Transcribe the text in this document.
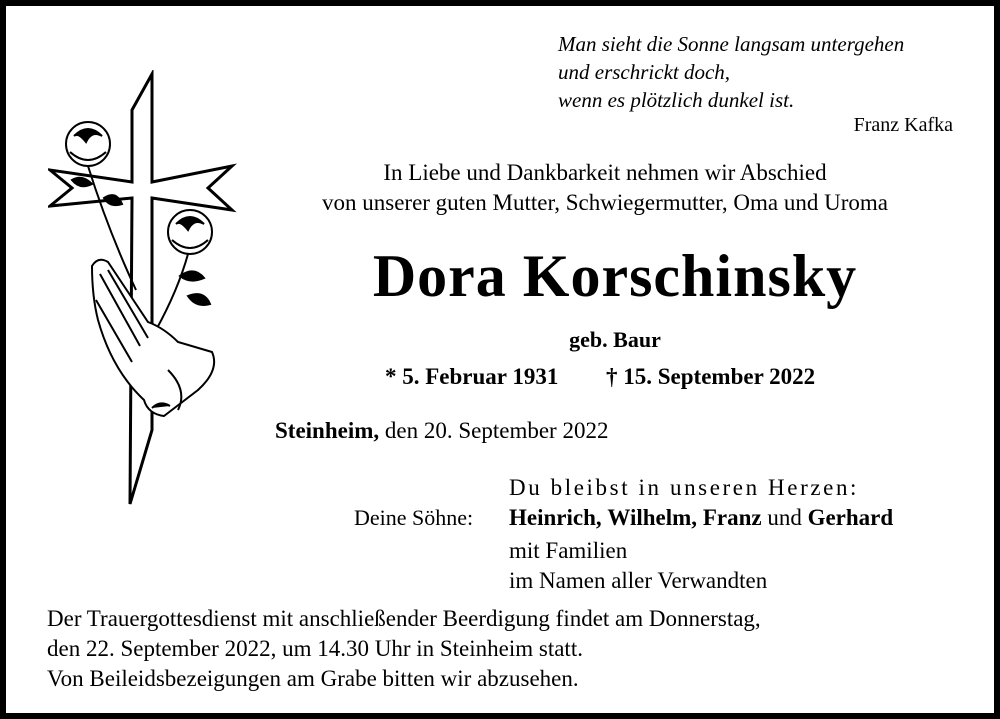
Man sieht die Sonne langsam untergehen
und erschrickt doch,
wenn es plötzlich dunkel ist.
Franz Kafka
In Liebe und Dankbarkeit nehmen wir Abschied
von unserer guten Mutter, Schwiegermutter, Oma und Uroma
Dora Korschinsky
geb. Baur
* 5. Februar 1931 † 15. September 2022
Steinheim, den 20. September 2022
Du bleibst in unseren Herzen:
Deine Söhne: Heinrich, Wilhelm, Franz und Gerhard
mit Familien
im Namen aller Verwandten
Der Trauergottesdienst mit anschließender Beerdigung findet am Donnerstag,
den 22. September 2022, um 14.30 Uhr in Steinheim statt.
Von Beileidsbezeigungen am Grabe bitten wir abzusehen.
